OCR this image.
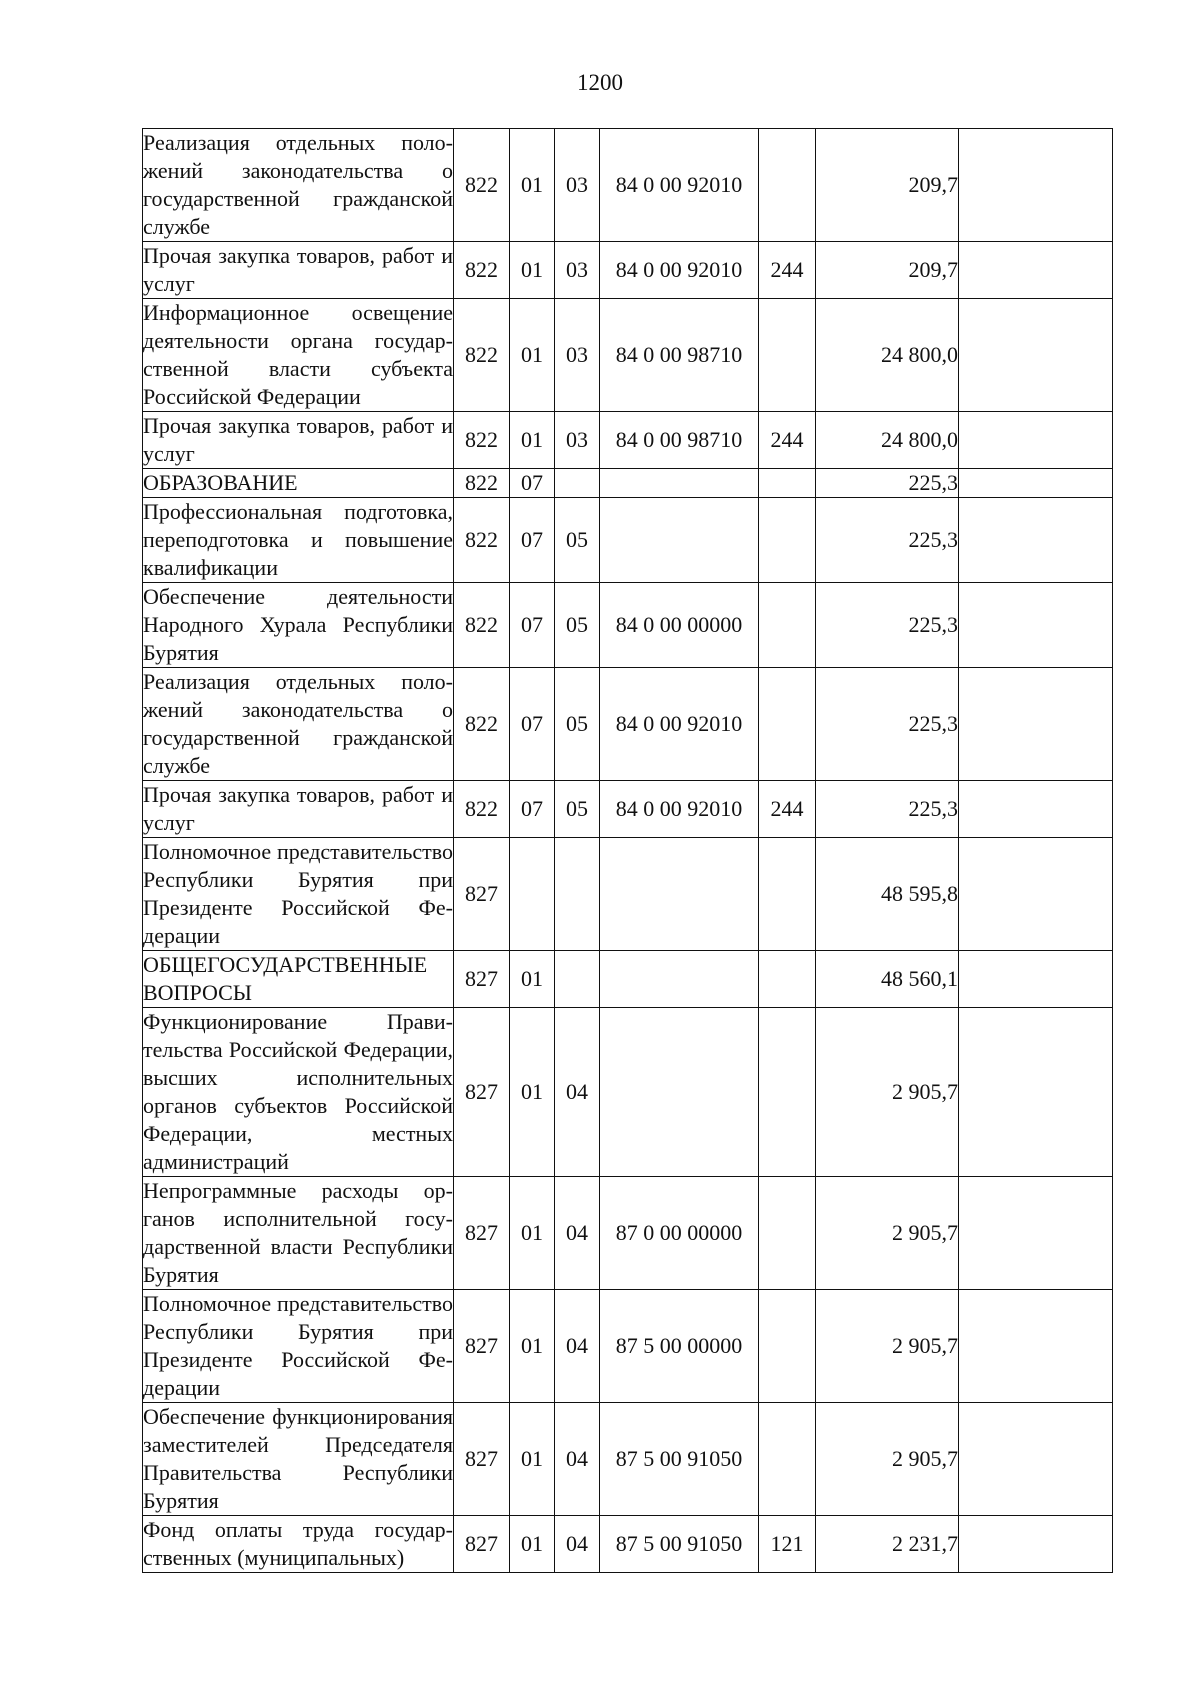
1200
Реализация отдельных положений законодательства о государственной гражданской службе	822	01	03	84 0 00 92010		209,7	
Прочая закупка товаров, работ и услуг	822	01	03	84 0 00 92010	244	209,7	
Информационное освещение деятельности органа государственной власти субъекта Российской Федерации	822	01	03	84 0 00 98710		24 800,0	
Прочая закупка товаров, работ и услуг	822	01	03	84 0 00 98710	244	24 800,0	
ОБРАЗОВАНИЕ	822	07				225,3	
Профессиональная подготовка, переподготовка и повышение квалификации	822	07	05			225,3	
Обеспечение деятельности Народного Хурала Республики Бурятия	822	07	05	84 0 00 00000		225,3	
Реализация отдельных положений законодательства о государственной гражданской службе	822	07	05	84 0 00 92010		225,3	
Прочая закупка товаров, работ и услуг	822	07	05	84 0 00 92010	244	225,3	
Полномочное представительство Республики Бурятия при Президенте Российской Федерации	827					48 595,8	
ОБЩЕГОСУДАРСТВЕННЫЕ ВОПРОСЫ	827	01				48 560,1	
Функционирование Правительства Российской Федерации, высших исполнительных органов субъектов Российской Федерации, местных администраций	827	01	04			2 905,7	
Непрограммные расходы органов исполнительной государственной власти Республики Бурятия	827	01	04	87 0 00 00000		2 905,7	
Полномочное представительство Республики Бурятия при Президенте Российской Федерации	827	01	04	87 5 00 00000		2 905,7	
Обеспечение функционирования заместителей Председателя Правительства Республики Бурятия	827	01	04	87 5 00 91050		2 905,7	
Фонд оплаты труда государственных (муниципальных)	827	01	04	87 5 00 91050	121	2 231,7	
